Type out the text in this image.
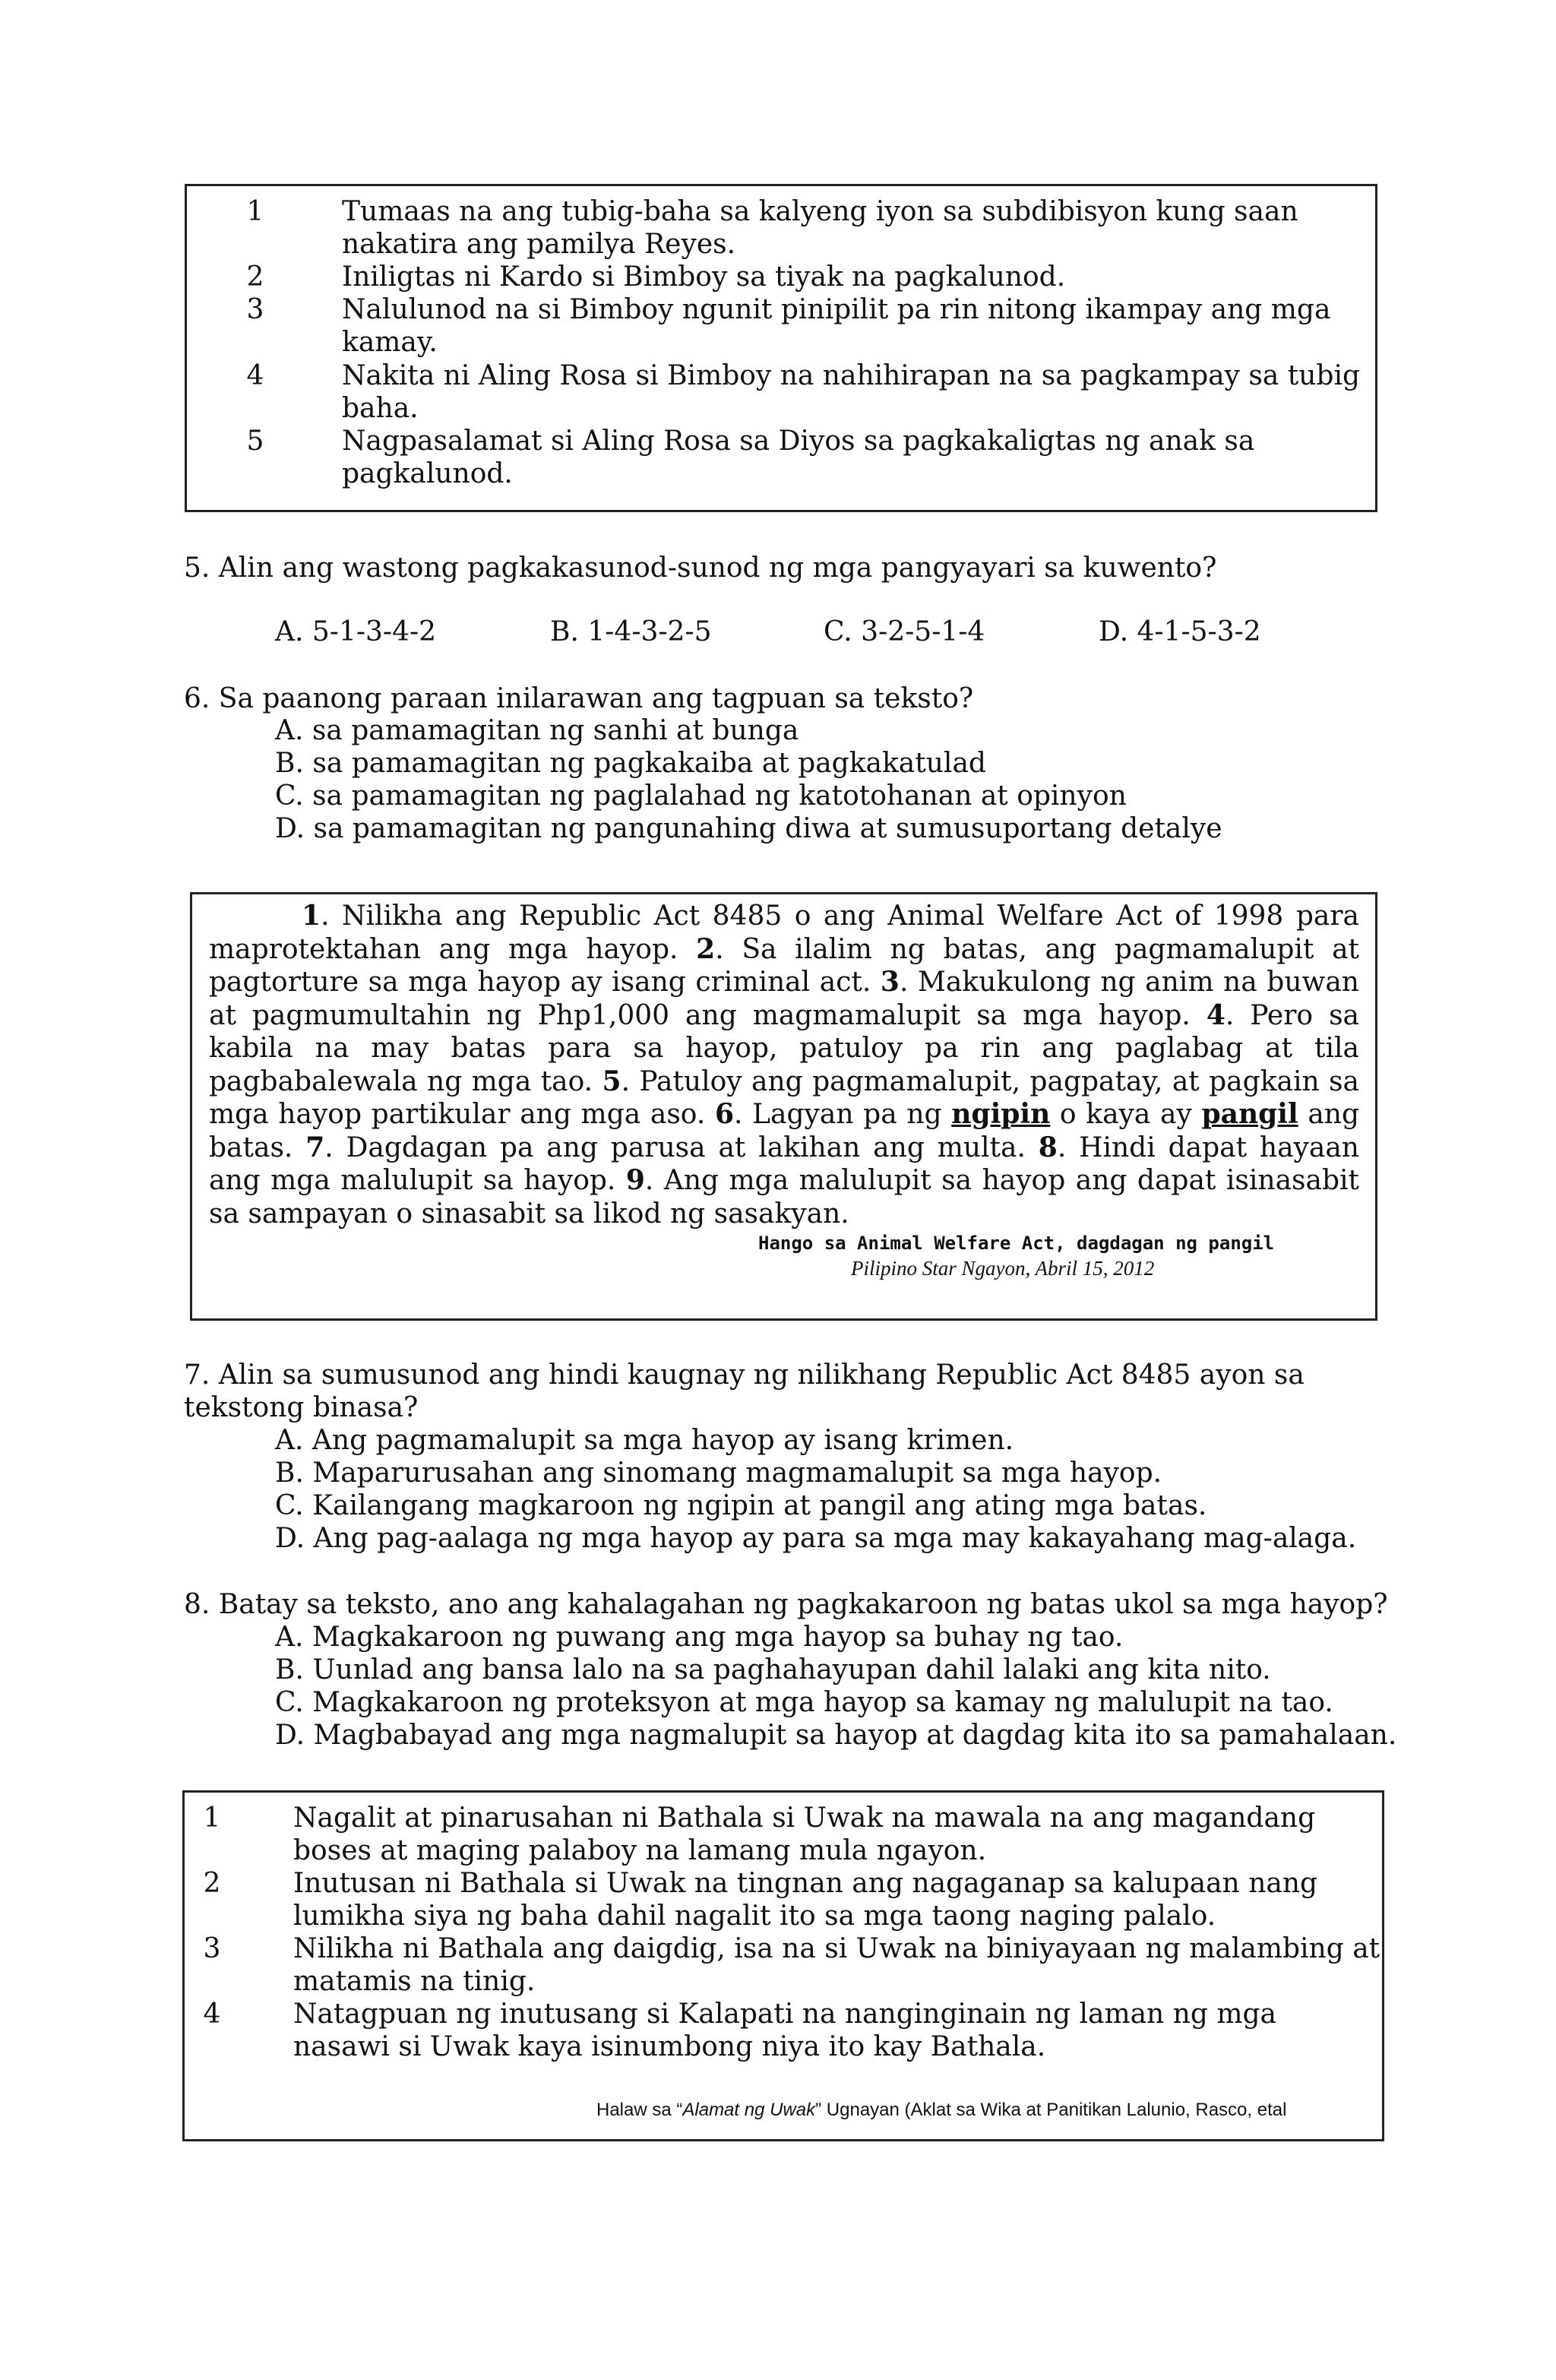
1	Tumaas na ang tubig-baha sa kalyeng iyon sa subdibisyon kung saan
nakatira ang pamilya Reyes.
2	Iniligtas ni Kardo si Bimboy sa tiyak na pagkalunod.
3	Nalulunod na si Bimboy ngunit pinipilit pa rin nitong ikampay ang mga
kamay.
4	Nakita ni Aling Rosa si Bimboy na nahihirapan na sa pagkampay sa tubig
baha.
5	Nagpasalamat si Aling Rosa sa Diyos sa pagkakaligtas ng anak sa
pagkalunod.
5. Alin ang wastong pagkakasunod-sunod ng mga pangyayari sa kuwento?
A. 5-1-3-4-2	B. 1-4-3-2-5	C. 3-2-5-1-4	D. 4-1-5-3-2
6. Sa paanong paraan inilarawan ang tagpuan sa teksto?
A. sa pamamagitan ng sanhi at bunga
B. sa pamamagitan ng pagkakaiba at pagkakatulad
C. sa pamamagitan ng paglalahad ng katotohanan at opinyon
D. sa pamamagitan ng pangunahing diwa at sumusuportang detalye
1. Nilikha ang Republic Act 8485 o ang Animal Welfare Act of 1998 para maprotektahan ang mga hayop. 2. Sa ilalim ng batas, ang pagmamalupit at pagtorture sa mga hayop ay isang criminal act. 3. Makukulong ng anim na buwan at pagmumultahin ng Php1,000 ang magmamalupit sa mga hayop. 4. Pero sa kabila na may batas para sa hayop, patuloy pa rin ang paglabag at tila pagbabalewala ng mga tao. 5. Patuloy ang pagmamalupit, pagpatay, at pagkain sa mga hayop partikular ang mga aso. 6. Lagyan pa ng ngipin o kaya ay pangil ang batas. 7. Dagdagan pa ang parusa at lakihan ang multa. 8. Hindi dapat hayaan ang mga malulupit sa hayop. 9. Ang mga malulupit sa hayop ang dapat isinasabit sa sampayan o sinasabit sa likod ng sasakyan.
Hango sa Animal Welfare Act, dagdagan ng pangil
Pilipino Star Ngayon, Abril 15, 2012
7. Alin sa sumusunod ang hindi kaugnay ng nilikhang Republic Act 8485 ayon sa
tekstong binasa?
A. Ang pagmamalupit sa mga hayop ay isang krimen.
B. Maparurusahan ang sinomang magmamalupit sa mga hayop.
C. Kailangang magkaroon ng ngipin at pangil ang ating mga batas.
D. Ang pag-aalaga ng mga hayop ay para sa mga may kakayahang mag-alaga.
8. Batay sa teksto, ano ang kahalagahan ng pagkakaroon ng batas ukol sa mga hayop?
A. Magkakaroon ng puwang ang mga hayop sa buhay ng tao.
B. Uunlad ang bansa lalo na sa paghahayupan dahil lalaki ang kita nito.
C. Magkakaroon ng proteksyon at mga hayop sa kamay ng malulupit na tao.
D. Magbabayad ang mga nagmalupit sa hayop at dagdag kita ito sa pamahalaan.
1	Nagalit at pinarusahan ni Bathala si Uwak na mawala na ang magandang
boses at maging palaboy na lamang mula ngayon.
2	Inutusan ni Bathala si Uwak na tingnan ang nagaganap sa kalupaan nang
lumikha siya ng baha dahil nagalit ito sa mga taong naging palalo.
3	Nilikha ni Bathala ang daigdig, isa na si Uwak na biniyayaan ng malambing at
matamis na tinig.
4	Natagpuan ng inutusang si Kalapati na nanginginain ng laman ng mga
nasawi si Uwak kaya isinumbong niya ito kay Bathala.
Halaw sa “Alamat ng Uwak” Ugnayan (Aklat sa Wika at Panitikan Lalunio, Rasco, etal
